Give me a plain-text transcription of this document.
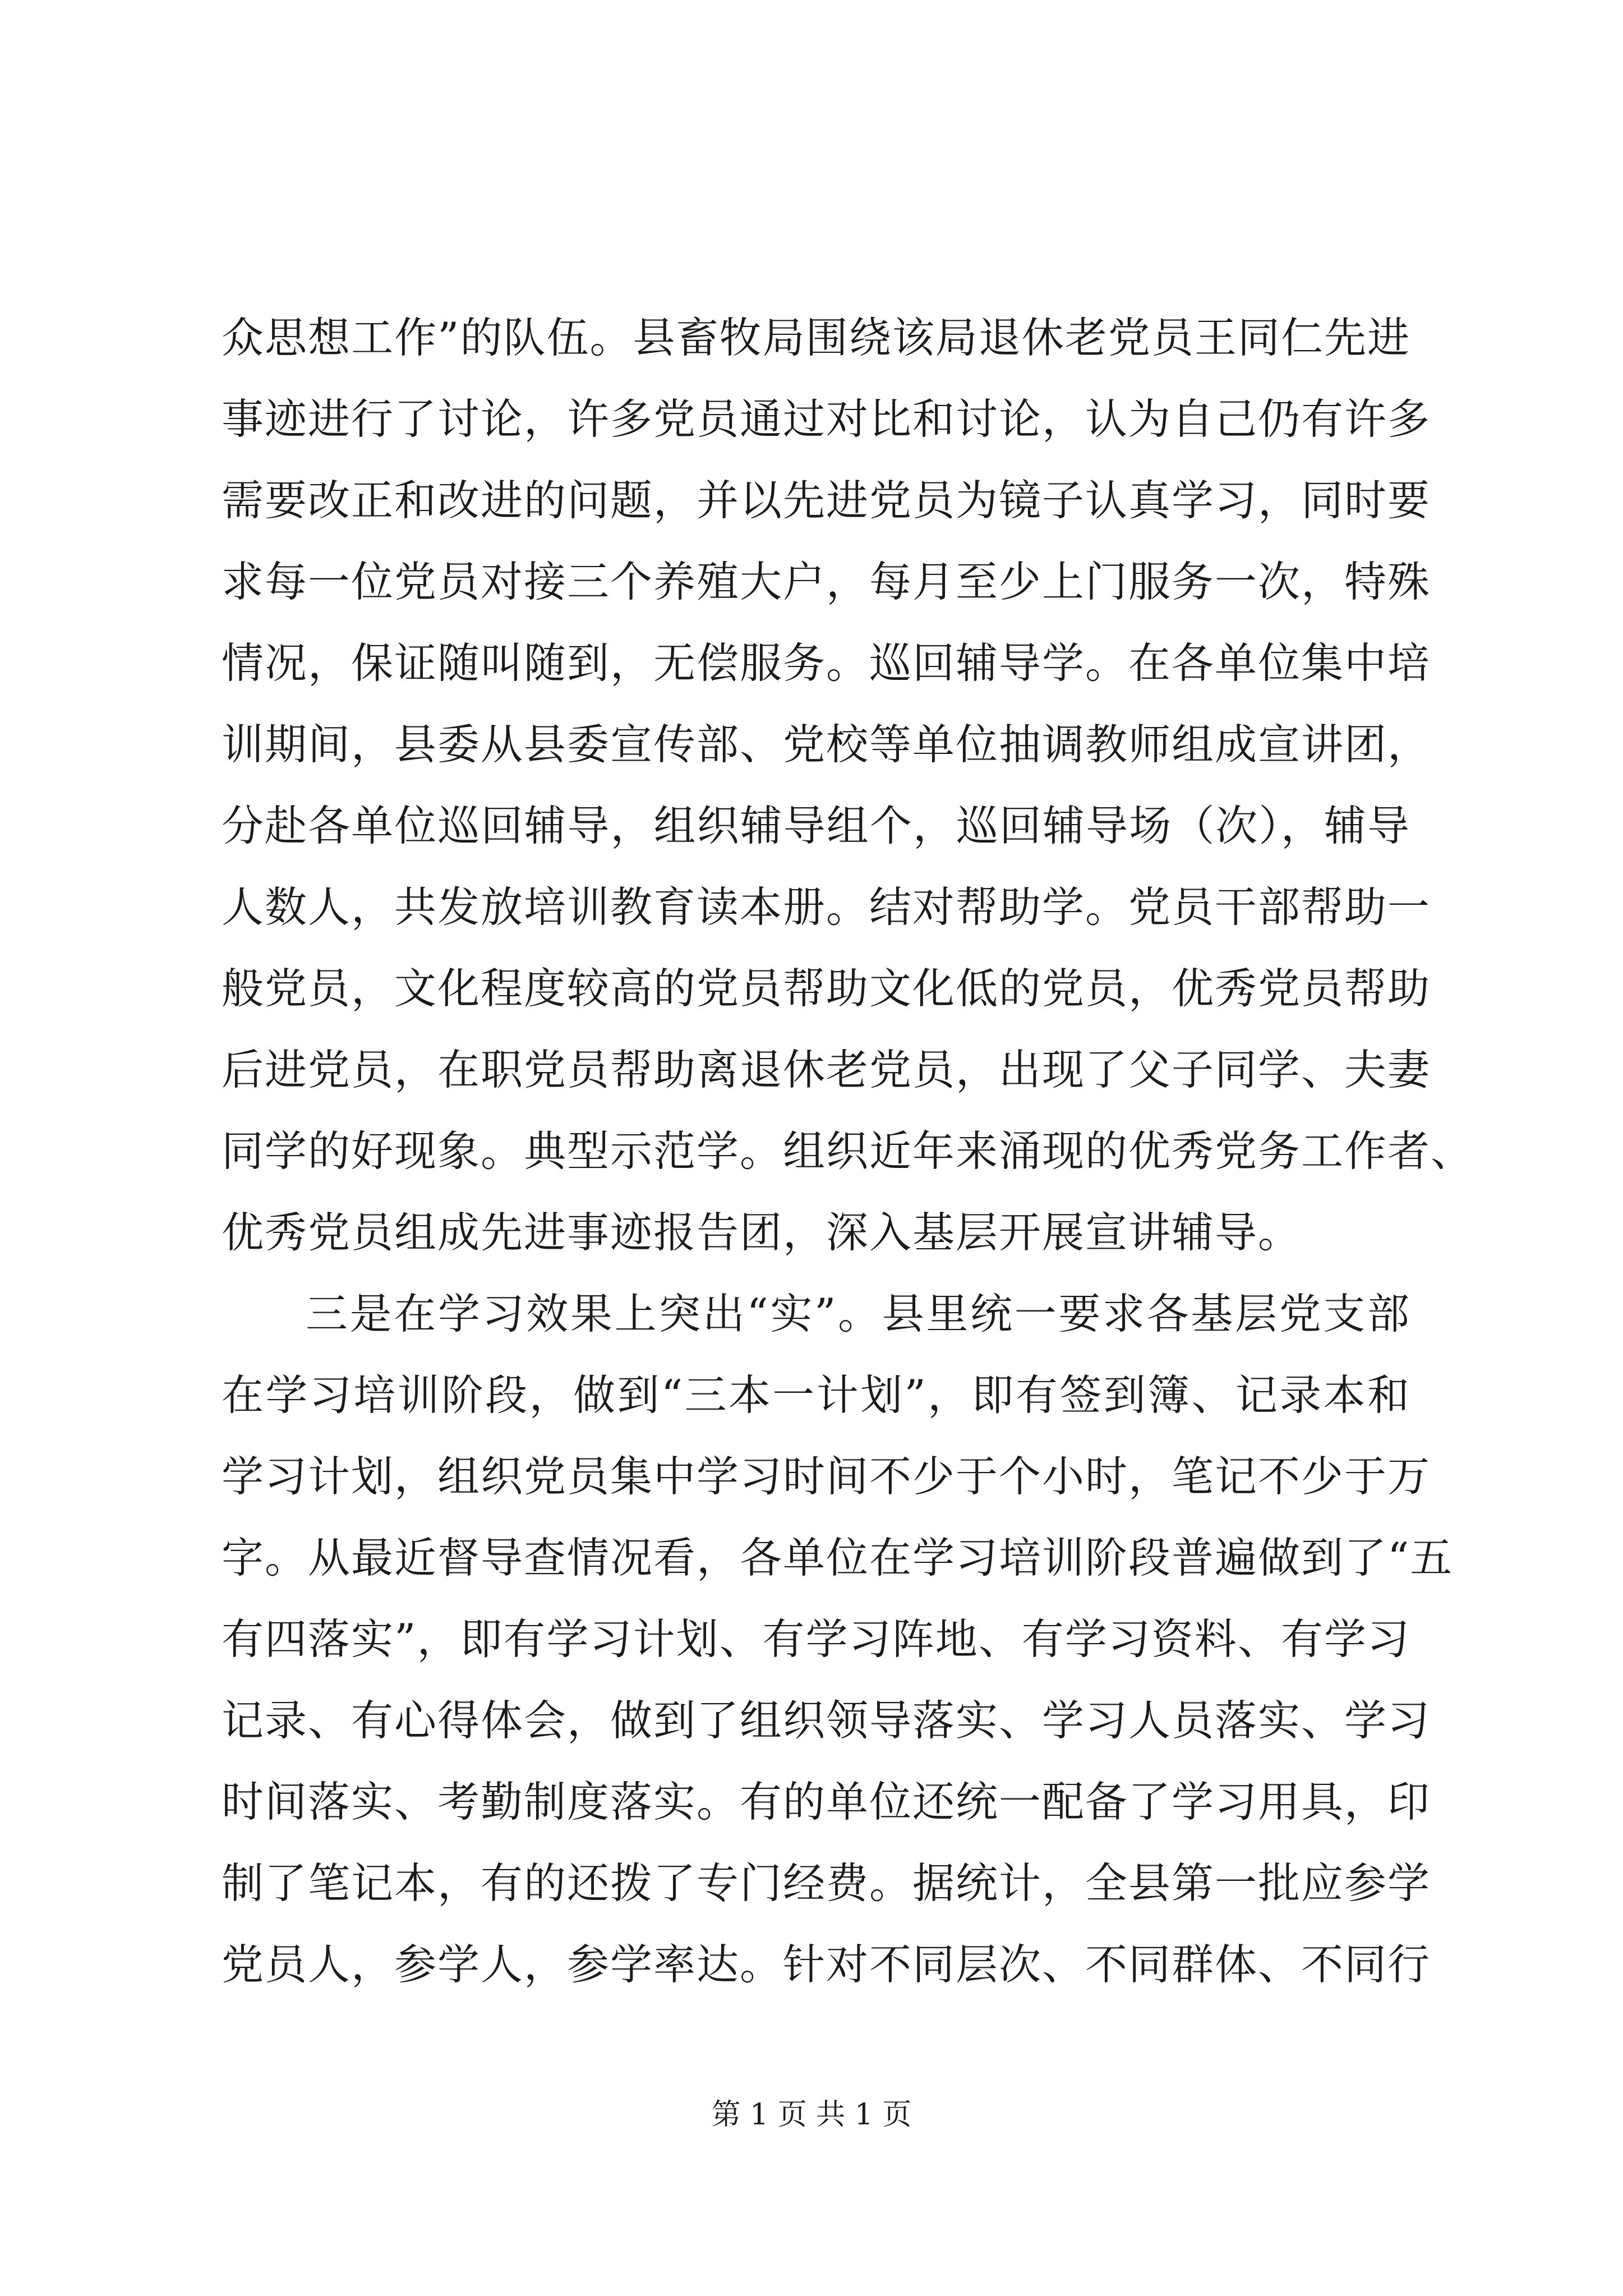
众思想工作”的队伍。县畜牧局围绕该局退休老党员王同仁先进
事迹进行了讨论，许多党员通过对比和讨论，认为自己仍有许多
需要改正和改进的问题，并以先进党员为镜子认真学习，同时要
求每一位党员对接三个养殖大户，每月至少上门服务一次，特殊
情况，保证随叫随到，无偿服务。巡回辅导学。在各单位集中培
训期间，县委从县委宣传部、党校等单位抽调教师组成宣讲团，
分赴各单位巡回辅导，组织辅导组个，巡回辅导场（次），辅导
人数人，共发放培训教育读本册。结对帮助学。党员干部帮助一
般党员，文化程度较高的党员帮助文化低的党员，优秀党员帮助
后进党员，在职党员帮助离退休老党员，出现了父子同学、夫妻
同学的好现象。典型示范学。组织近年来涌现的优秀党务工作者、
优秀党员组成先进事迹报告团，深入基层开展宣讲辅导。
三是在学习效果上突出“实”。县里统一要求各基层党支部
在学习培训阶段，做到“三本一计划”，即有签到簿、记录本和
学习计划，组织党员集中学习时间不少于个小时，笔记不少于万
字。从最近督导查情况看，各单位在学习培训阶段普遍做到了“五
有四落实”，即有学习计划、有学习阵地、有学习资料、有学习
记录、有心得体会，做到了组织领导落实、学习人员落实、学习
时间落实、考勤制度落实。有的单位还统一配备了学习用具，印
制了笔记本，有的还拨了专门经费。据统计，全县第一批应参学
党员人，参学人，参学率达。针对不同层次、不同群体、不同行
第 1 页 共 1 页
